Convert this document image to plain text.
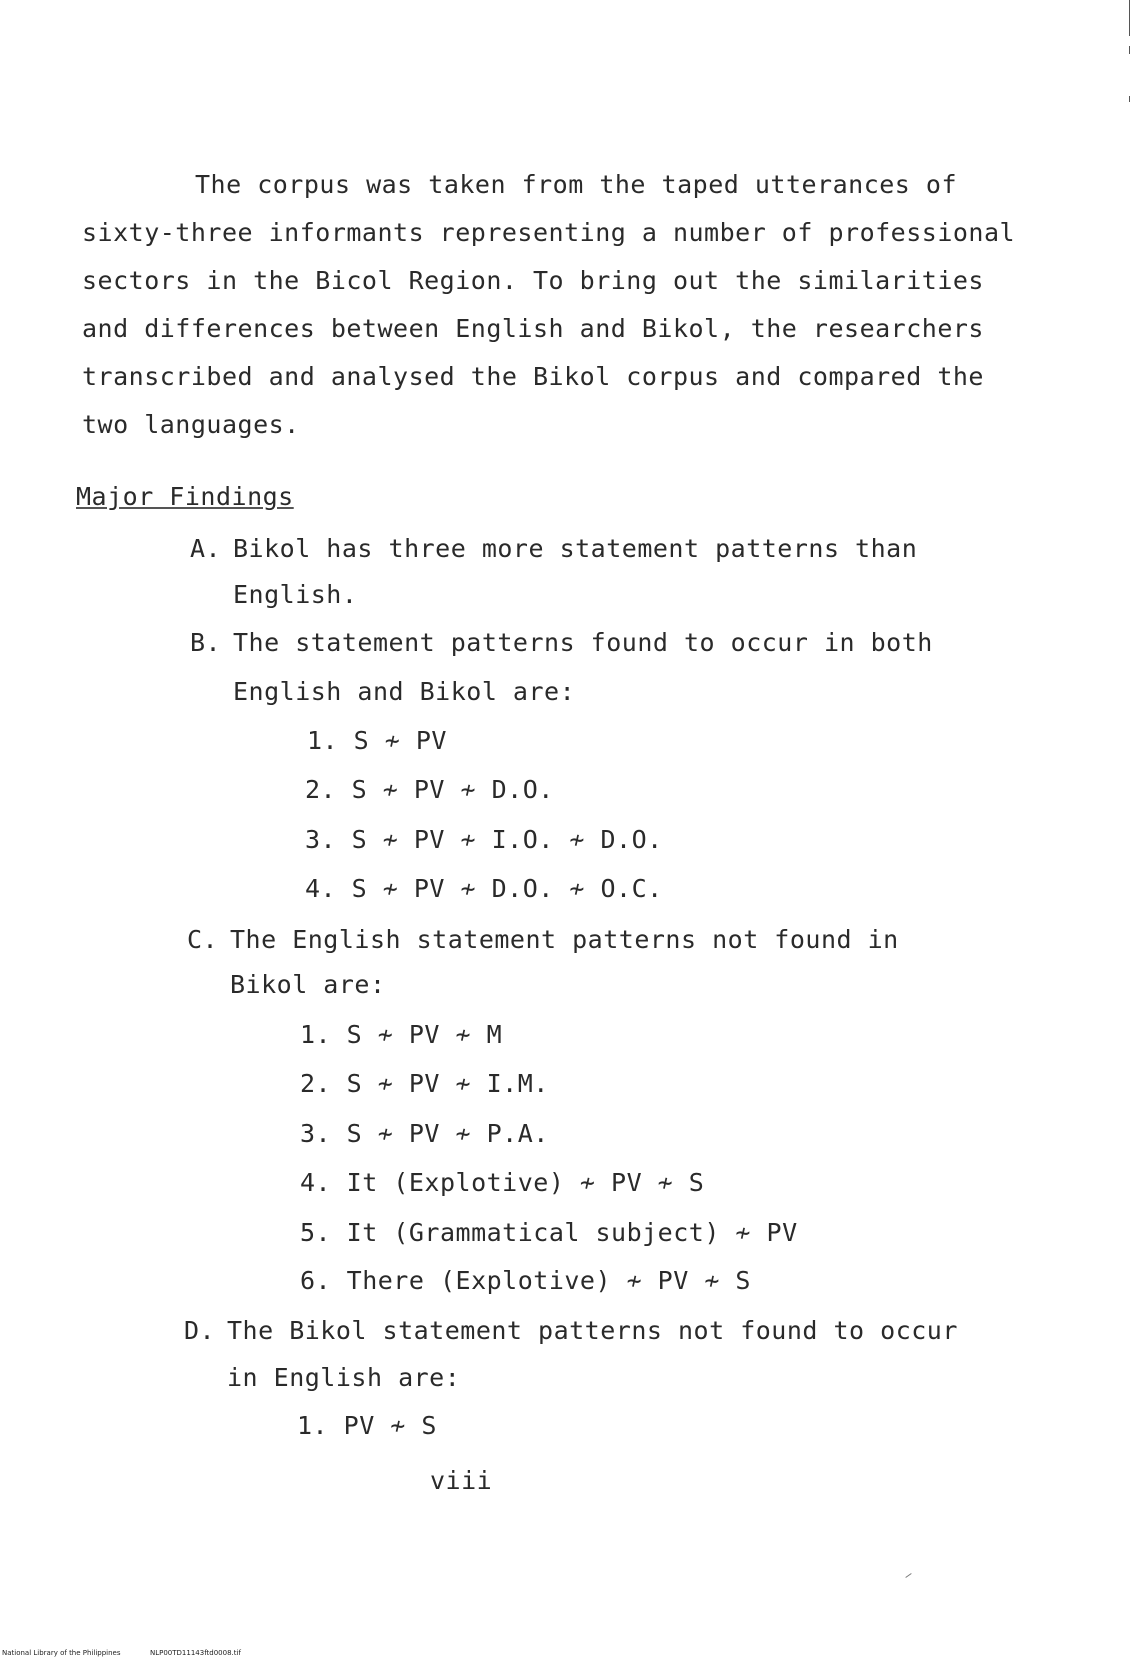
The corpus was taken from the taped utterances of
sixty-three informants representing a number of professional
sectors in the Bicol Region. To bring out the similarities
and differences between English and Bikol, the researchers
transcribed and analysed the Bikol corpus and compared the
two languages.
Major Findings
A. Bikol has three more statement patterns than
English.
B. The statement patterns found to occur in both
English and Bikol are:
1. S ≁ PV
2. S ≁ PV ≁ D.O.
3. S ≁ PV ≁ I.O. ≁ D.O.
4. S ≁ PV ≁ D.O. ≁ O.C.
C. The English statement patterns not found in
Bikol are:
1. S ≁ PV ≁ M
2. S ≁ PV ≁ I.M.
3. S ≁ PV ≁ P.A.
4. It (Explotive) ≁ PV ≁ S
5. It (Grammatical subject) ≁ PV
6. There (Explotive) ≁ PV ≁ S
D. The Bikol statement patterns not found to occur
in English are:
1. PV ≁ S
viii
National Library of the Philippines	NLP00TD11143ftd0008.tif
